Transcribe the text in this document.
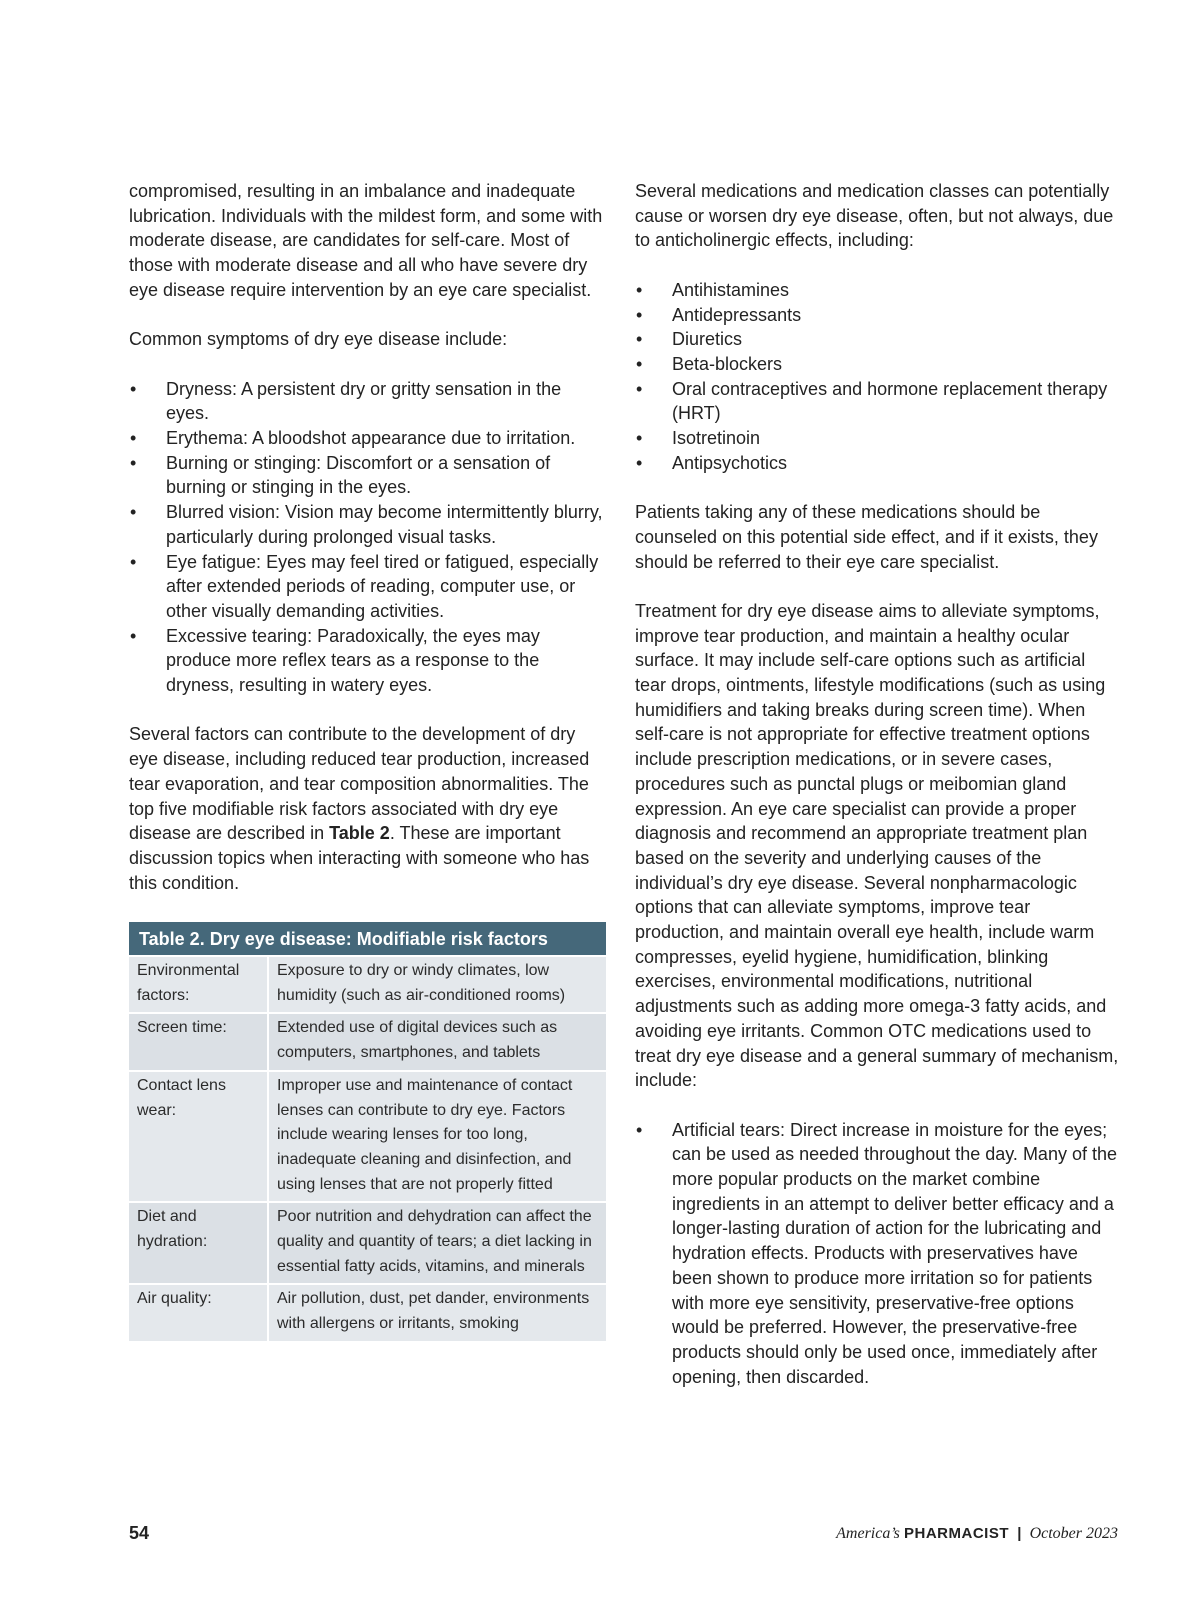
compromised, resulting in an imbalance and inadequate lubrication. Individuals with the mildest form, and some with moderate disease, are candidates for self-care. Most of those with moderate disease and all who have severe dry eye disease require intervention by an eye care specialist.

Common symptoms of dry eye disease include:

• Dryness: A persistent dry or gritty sensation in the eyes.
• Erythema: A bloodshot appearance due to irritation.
• Burning or stinging: Discomfort or a sensation of burning or stinging in the eyes.
• Blurred vision: Vision may become intermittently blurry, particularly during prolonged visual tasks.
• Eye fatigue: Eyes may feel tired or fatigued, especially after extended periods of reading, computer use, or other visually demanding activities.
• Excessive tearing: Paradoxically, the eyes may produce more reflex tears as a response to the dryness, resulting in watery eyes.

Several factors can contribute to the development of dry eye disease, including reduced tear production, increased tear evaporation, and tear composition abnormalities. The top five modifiable risk factors associated with dry eye disease are described in Table 2. These are important discussion topics when interacting with someone who has this condition.

Table 2. Dry eye disease: Modifiable risk factors	
Environmental factors:	Exposure to dry or windy climates, low humidity (such as air-conditioned rooms)
Screen time:	Extended use of digital devices such as computers, smartphones, and tablets
Contact lens wear:	Improper use and maintenance of contact lenses can contribute to dry eye. Factors include wearing lenses for too long, inadequate cleaning and disinfection, and using lenses that are not properly fitted
Diet and hydration:	Poor nutrition and dehydration can affect the quality and quantity of tears; a diet lacking in essential fatty acids, vitamins, and minerals
Air quality:	Air pollution, dust, pet dander, environments with allergens or irritants, smoking

Several medications and medication classes can potentially cause or worsen dry eye disease, often, but not always, due to anticholinergic effects, including:

• Antihistamines
• Antidepressants
• Diuretics
• Beta-blockers
• Oral contraceptives and hormone replacement therapy (HRT)
• Isotretinoin
• Antipsychotics

Patients taking any of these medications should be counseled on this potential side effect, and if it exists, they should be referred to their eye care specialist.

Treatment for dry eye disease aims to alleviate symptoms, improve tear production, and maintain a healthy ocular surface. It may include self-care options such as artificial tear drops, ointments, lifestyle modifications (such as using humidifiers and taking breaks during screen time). When self-care is not appropriate for effective treatment options include prescription medications, or in severe cases, procedures such as punctal plugs or meibomian gland expression. An eye care specialist can provide a proper diagnosis and recommend an appropriate treatment plan based on the severity and underlying causes of the individual’s dry eye disease. Several nonpharmacologic options that can alleviate symptoms, improve tear production, and maintain overall eye health, include warm compresses, eyelid hygiene, humidification, blinking exercises, environmental modifications, nutritional adjustments such as adding more omega-3 fatty acids, and avoiding eye irritants. Common OTC medications used to treat dry eye disease and a general summary of mechanism, include:

• Artificial tears: Direct increase in moisture for the eyes; can be used as needed throughout the day. Many of the more popular products on the market combine ingredients in an attempt to deliver better efficacy and a longer-lasting duration of action for the lubricating and hydration effects. Products with preservatives have been shown to produce more irritation so for patients with more eye sensitivity, preservative-free options would be preferred. However, the preservative-free products should only be used once, immediately after opening, then discarded.
54	America’s PHARMACIST | October 2023
